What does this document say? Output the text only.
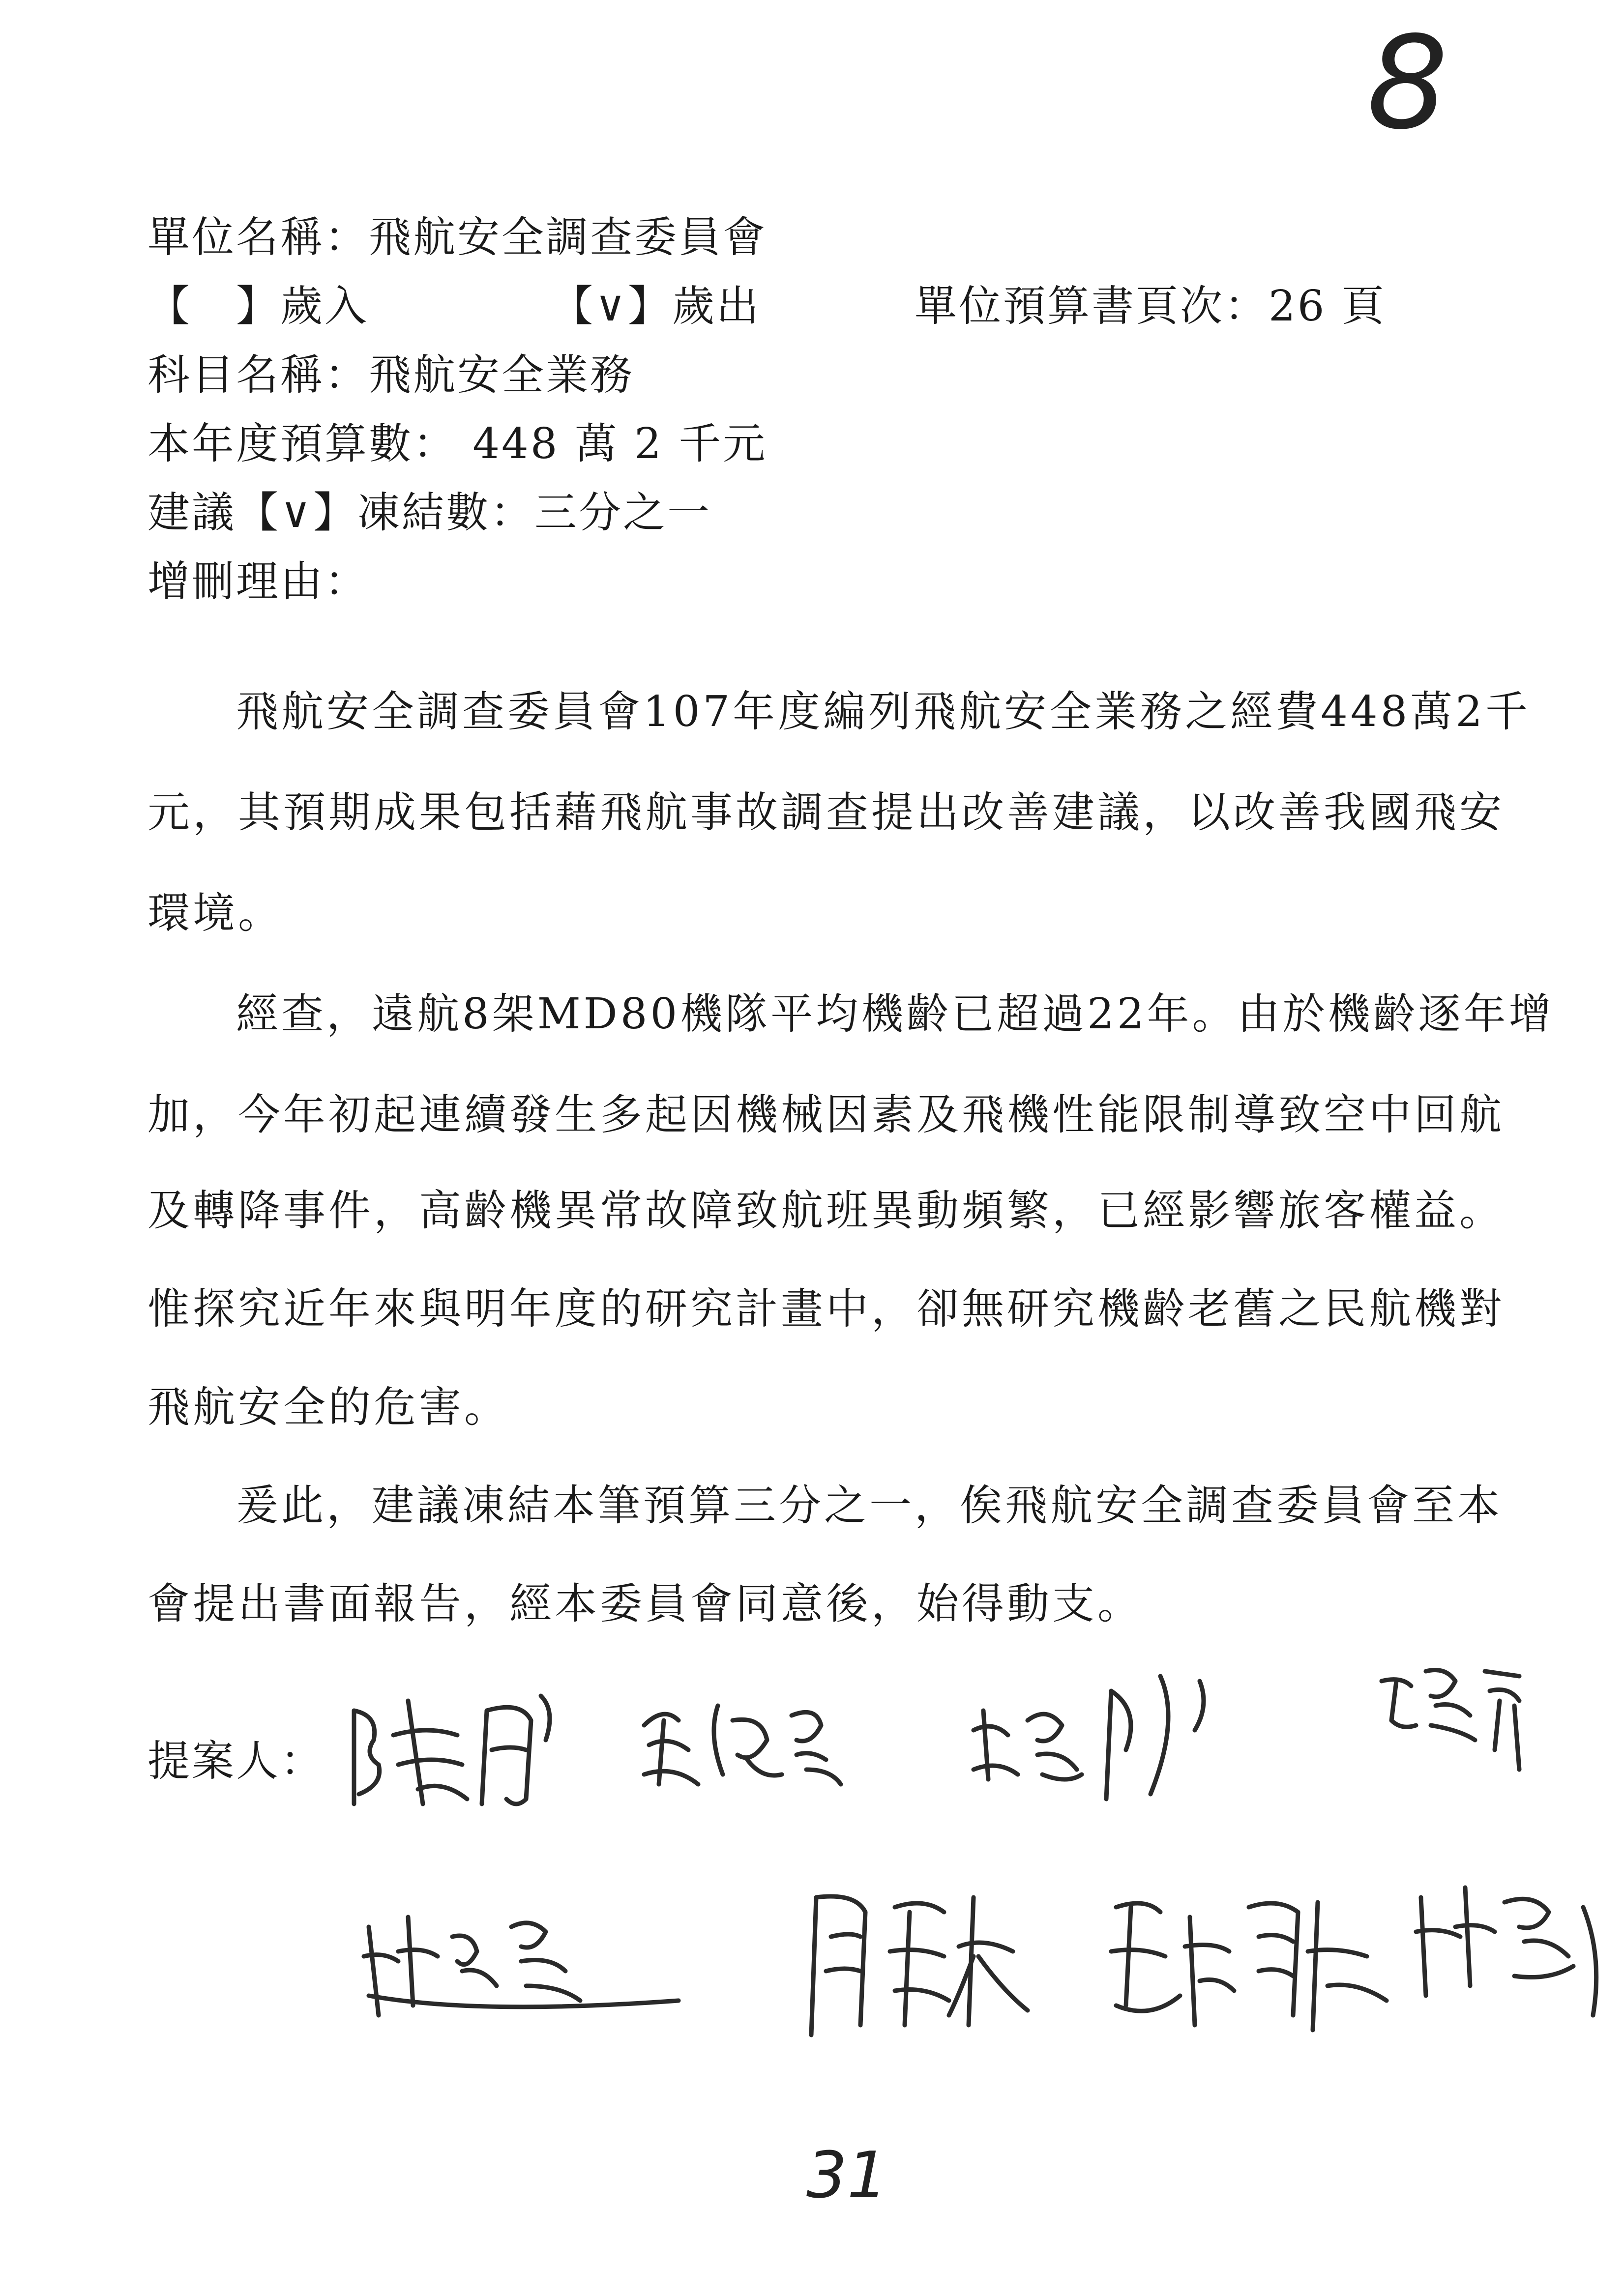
8
單位名稱：飛航安全調查委員會
【　】歲入	【∨】歲出	單位預算書頁次：26 頁
科目名稱：飛航安全業務
本年度預算數： 448 萬 2 千元
建議【∨】凍結數：三分之一
增刪理由：
飛航安全調查委員會107年度編列飛航安全業務之經費448萬2千
元，其預期成果包括藉飛航事故調查提出改善建議，以改善我國飛安
環境。
經查，遠航8架MD80機隊平均機齡已超過22年。由於機齡逐年增
加，今年初起連續發生多起因機械因素及飛機性能限制導致空中回航
及轉降事件，高齡機異常故障致航班異動頻繁，已經影響旅客權益。
惟探究近年來與明年度的研究計畫中，卻無研究機齡老舊之民航機對
飛航安全的危害。
爰此，建議凍結本筆預算三分之一，俟飛航安全調查委員會至本
會提出書面報告，經本委員會同意後，始得動支。
提案人：
31
